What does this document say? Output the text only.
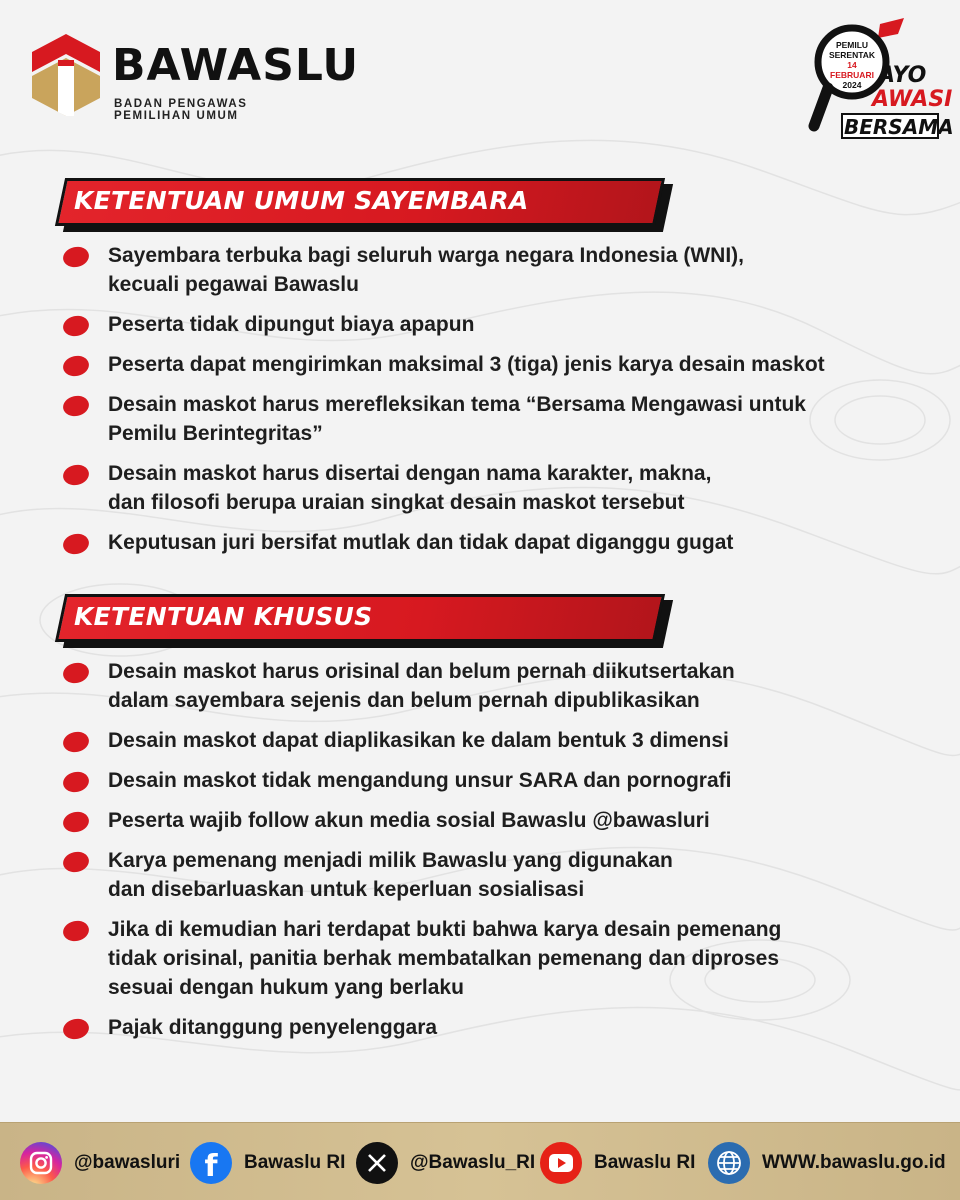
BAWASLU
BADAN PENGAWAS PEMILIHAN UMUM
PEMILU
SERENTAK
14 FEBRUARI
2024 AYO
AWASI
BERSAMA
KETENTUAN UMUM SAYEMBARA
Sayembara terbuka bagi seluruh warga negara Indonesia (WNI),
kecuali pegawai Bawaslu
Peserta tidak dipungut biaya apapun
Peserta dapat mengirimkan maksimal 3 (tiga) jenis karya desain maskot
Desain maskot harus merefleksikan tema “Bersama Mengawasi untuk
Pemilu Berintegritas”
Desain maskot harus disertai dengan nama karakter, makna,
dan filosofi berupa uraian singkat desain maskot tersebut
Keputusan juri bersifat mutlak dan tidak dapat diganggu gugat
KETENTUAN KHUSUS
Desain maskot harus orisinal dan belum pernah diikutsertakan
dalam sayembara sejenis dan belum pernah dipublikasikan
Desain maskot dapat diaplikasikan ke dalam bentuk 3 dimensi
Desain maskot tidak mengandung unsur SARA dan pornografi
Peserta wajib follow akun media sosial Bawaslu @bawasluri
Karya pemenang menjadi milik Bawaslu yang digunakan
dan disebarluaskan untuk keperluan sosialisasi
Jika di kemudian hari terdapat bukti bahwa karya desain pemenang
tidak orisinal, panitia berhak membatalkan pemenang dan diproses
sesuai dengan hukum yang berlaku
Pajak ditanggung penyelenggara
@bawasluri f Bawaslu RI	@Bawaslu_RI	Bawaslu RI	WWW.bawaslu.go.id
